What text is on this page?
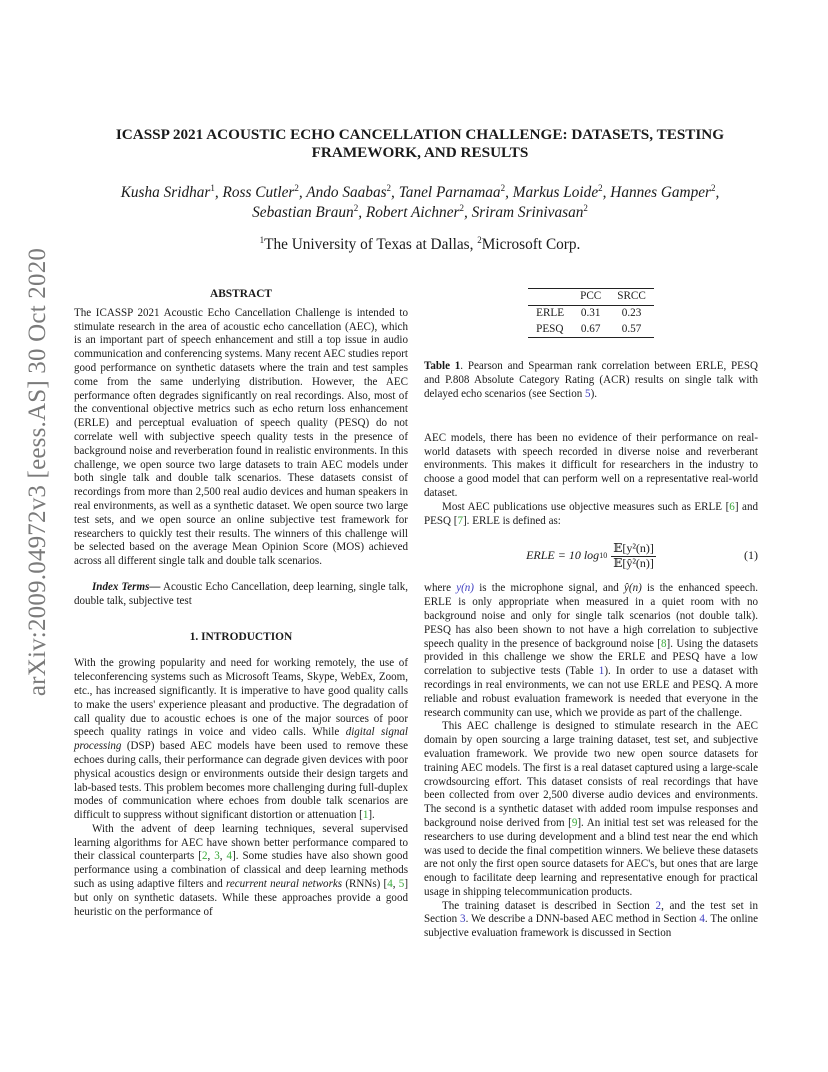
arXiv:2009.04972v3 [eess.AS] 30 Oct 2020
ICASSP 2021 ACOUSTIC ECHO CANCELLATION CHALLENGE: DATASETS, TESTING
FRAMEWORK, AND RESULTS
Kusha Sridhar$^1$, Ross Cutler$^2$, Ando Saabas$^2$, Tanel Parnamaa$^2$, Markus Loide$^2$, Hannes Gamper$^2$,
Sebastian Braun$^2$, Robert Aichner$^2$, Sriram Srinivasan$^2$
$^1$The University of Texas at Dallas, $^2$Microsoft Corp.
ABSTRACT

The ICASSP 2021 Acoustic Echo Cancellation Challenge is intended to stimulate research in the area of acoustic echo cancellation (AEC), which is an important part of speech enhancement and still a top issue in audio communication and conferencing systems. Many recent AEC studies report good performance on synthetic datasets where the train and test samples come from the same underlying distribution. However, the AEC performance often degrades significantly on real recordings. Also, most of the conventional objective metrics such as echo return loss enhancement (ERLE) and perceptual evaluation of speech quality (PESQ) do not correlate well with subjective speech quality tests in the presence of background noise and reverberation found in realistic environments. In this challenge, we open source two large datasets to train AEC models under both single talk and double talk scenarios. These datasets consist of recordings from more than 2,500 real audio devices and human speakers in real environments, as well as a synthetic dataset. We open source two large test sets, and we open source an online subjective test framework for researchers to quickly test their results. The winners of this challenge will be selected based on the average Mean Opinion Score (MOS) achieved across all different single talk and double talk scenarios.

Index Terms— Acoustic Echo Cancellation, deep learning, single talk, double talk, subjective test

1. INTRODUCTION

With the growing popularity and need for working remotely, the use of teleconferencing systems such as Microsoft Teams, Skype, WebEx, Zoom, etc., has increased significantly. It is imperative to have good quality calls to make the users' experience pleasant and productive. The degradation of call quality due to acoustic echoes is one of the major sources of poor speech quality ratings in voice and video calls. While digital signal processing (DSP) based AEC models have been used to remove these echoes during calls, their performance can degrade given devices with poor physical acoustics design or environments outside their design targets and lab-based tests. This problem becomes more challenging during full-duplex modes of communication where echoes from double talk scenarios are difficult to suppress without significant distortion or attenuation [1].

With the advent of deep learning techniques, several supervised learning algorithms for AEC have shown better performance compared to their classical counterparts [2, 3, 4]. Some studies have also shown good performance using a combination of classical and deep learning methods such as using adaptive filters and recurrent neural networks (RNNs) [4, 5] but only on synthetic datasets. While these approaches provide a good heuristic on the performance of

	PCC	SRCC
ERLE	0.31	0.23
PESQ	0.67	0.57

Table 1. Pearson and Spearman rank correlation between ERLE, PESQ and P.808 Absolute Category Rating (ACR) results on single talk with delayed echo scenarios (see Section 5).

AEC models, there has been no evidence of their performance on real-world datasets with speech recorded in diverse noise and reverberant environments. This makes it difficult for researchers in the industry to choose a good model that can perform well on a representative real-world dataset.

Most AEC publications use objective measures such as ERLE [6] and PESQ [7]. ERLE is defined as:

ERLE = 10 $\log 10 \frac{\text{𝔼[y²(n)]}}{\text{𝔼[ŷ²(n)]}}$	(1)

where y(n) is the microphone signal, and ŷ(n) is the enhanced speech. ERLE is only appropriate when measured in a quiet room with no background noise and only for single talk scenarios (not double talk). PESQ has also been shown to not have a high correlation to subjective speech quality in the presence of background noise [8]. Using the datasets provided in this challenge we show the ERLE and PESQ have a low correlation to subjective tests (Table 1). In order to use a dataset with recordings in real environments, we can not use ERLE and PESQ. A more reliable and robust evaluation framework is needed that everyone in the research community can use, which we provide as part of the challenge.

This AEC challenge is designed to stimulate research in the AEC domain by open sourcing a large training dataset, test set, and subjective evaluation framework. We provide two new open source datasets for training AEC models. The first is a real dataset captured using a large-scale crowdsourcing effort. This dataset consists of real recordings that have been collected from over 2,500 diverse audio devices and environments. The second is a synthetic dataset with added room impulse responses and background noise derived from [9]. An initial test set was released for the researchers to use during development and a blind test near the end which was used to decide the final competition winners. We believe these datasets are not only the first open source datasets for AEC's, but ones that are large enough to facilitate deep learning and representative enough for practical usage in shipping telecommunication products.

The training dataset is described in Section 2, and the test set in Section 3. We describe a DNN-based AEC method in Section 4. The online subjective evaluation framework is discussed in Section
